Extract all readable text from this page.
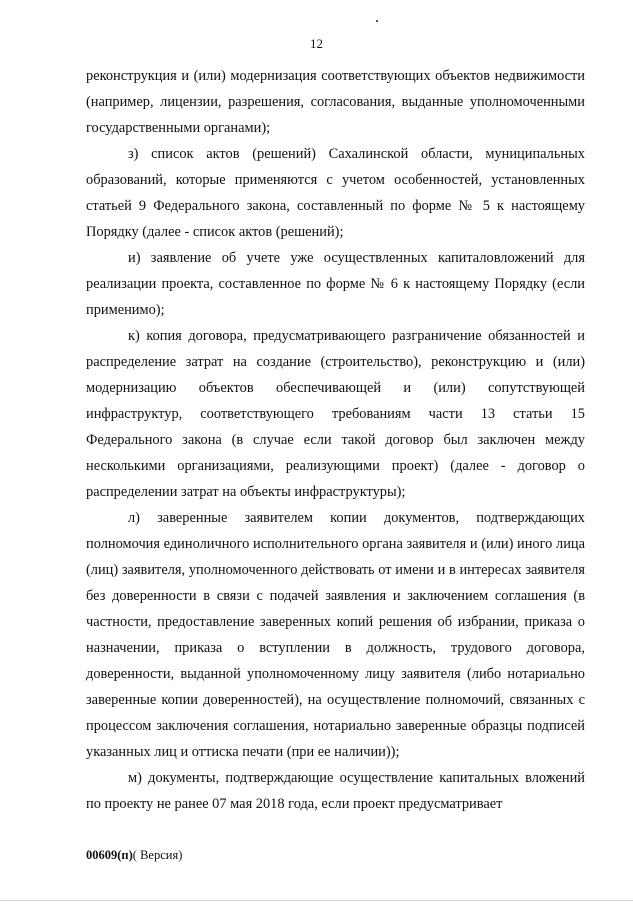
12

реконструкция и (или) модернизация соответствующих объектов недвижимости (например, лицензии, разрешения, согласования, выданные уполномоченными государственными органами);

з) список актов (решений) Сахалинской области, муниципальных образований, которые применяются с учетом особенностей, установленных статьей 9 Федерального закона, составленный по форме № 5 к настоящему Порядку (далее - список актов (решений);

и) заявление об учете уже осуществленных капиталовложений для реализации проекта, составленное по форме № 6 к настоящему Порядку (если применимо);

к) копия договора, предусматривающего разграничение обязанностей и распределение затрат на создание (строительство), реконструкцию и (или) модернизацию объектов обеспечивающей и (или) сопутствующей инфраструктур, соответствующего требованиям части 13 статьи 15 Федерального закона (в случае если такой договор был заключен между несколькими организациями, реализующими проект) (далее - договор о распределении затрат на объекты инфраструктуры);

л) заверенные заявителем копии документов, подтверждающих полномочия единоличного исполнительного органа заявителя и (или) иного лица (лиц) заявителя, уполномоченного действовать от имени и в интересах заявителя без доверенности в связи с подачей заявления и заключением соглашения (в частности, предоставление заверенных копий решения об избрании, приказа о назначении, приказа о вступлении в должность, трудового договора, доверенности, выданной уполномоченному лицу заявителя (либо нотариально заверенные копии доверенностей), на осуществление полномочий, связанных с процессом заключения соглашения, нотариально заверенные образцы подписей указанных лиц и оттиска печати (при ее наличии));

м) документы, подтверждающие осуществление капитальных вложений по проекту не ранее 07 мая 2018 года, если проект предусматривает

00609(п)( Версия)
